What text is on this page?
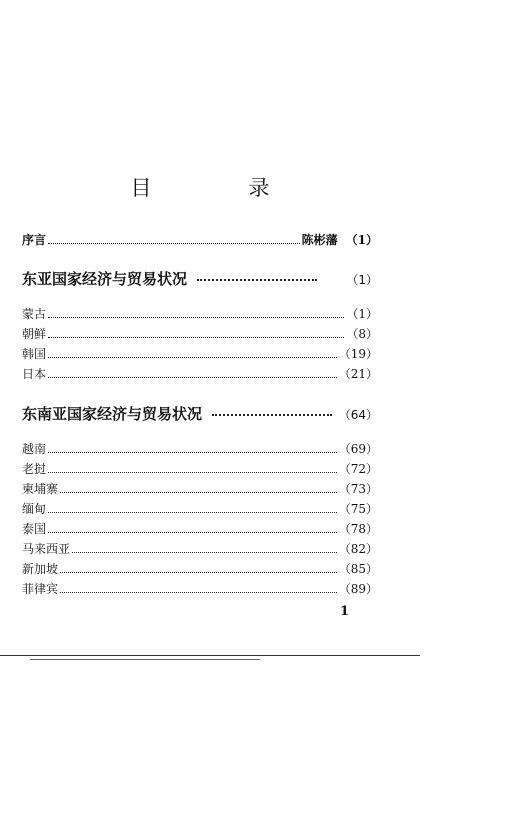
目　录
序言	陈彬藩 （1）
东亚国家经济与贸易状况	（1）
蒙古	（1）
朝鲜	（8）
韩国	（19）
日本	（21）
东南亚国家经济与贸易状况	（64）
越南	（69）
老挝	（72）
柬埔寨	（73）
缅甸	（75）
泰国	（78）
马来西亚	（82）
新加坡	（85）
菲律宾	（89）
1
